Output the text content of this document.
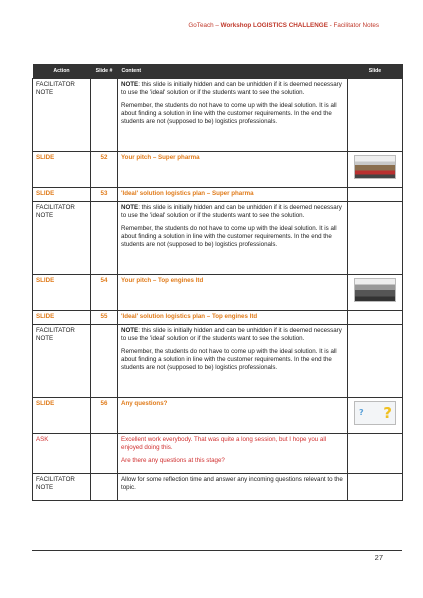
GoTeach – Workshop LOGISTICS CHALLENGE - Facilitator Notes
Action	Slide #	Content	Slide
FACILITATOR NOTE		NOTE: this slide is initially hidden and can be unhidden if it is deemed necessary to use the 'ideal' solution or if the students want to see the solution.

Remember, the students do not have to come up with the ideal solution. It is all about finding a solution in line with the customer requirements. In the end the students are not (supposed to be) logistics professionals.	

SLIDE	52	Your pitch – Super pharma	

SLIDE	53	'Ideal' solution logistics plan – Super pharma	
FACILITATOR NOTE		NOTE: this slide is initially hidden and can be unhidden if it is deemed necessary to use the 'ideal' solution or if the students want to see the solution.

Remember, the students do not have to come up with the ideal solution. It is all about finding a solution in line with the customer requirements. In the end the students are not (supposed to be) logistics professionals.	

SLIDE	54	Your pitch – Top engines ltd	

SLIDE	55	'Ideal' solution logistics plan – Top engines ltd	
FACILITATOR NOTE		NOTE: this slide is initially hidden and can be unhidden if it is deemed necessary to use the 'ideal' solution or if the students want to see the solution.

Remember, the students do not have to come up with the ideal solution. It is all about finding a solution in line with the customer requirements. In the end the students are not (supposed to be) logistics professionals.	

SLIDE	56	Any questions?	? ?

ASK		Excellent work everybody. That was quite a long session, but I hope you all enjoyed doing this.

Are there any questions at this stage?	

FACILITATOR NOTE		Allow for some reflection time and answer any incoming questions relevant to the topic.	

27
